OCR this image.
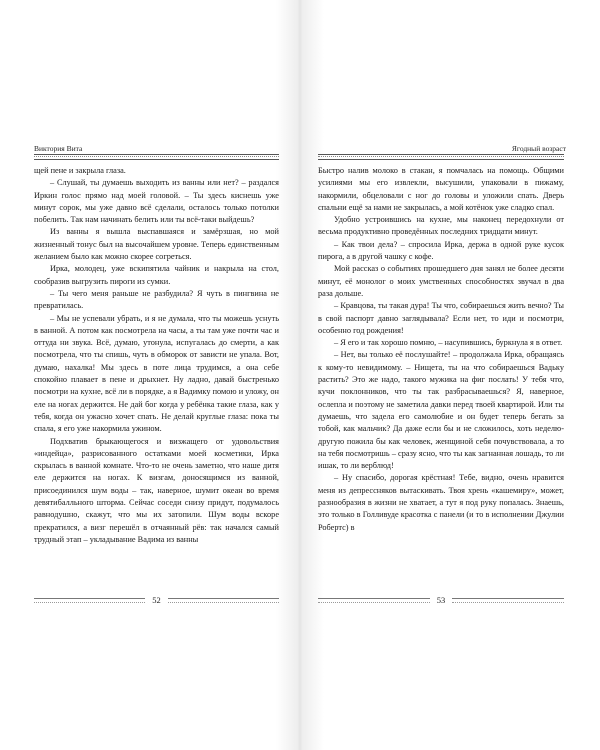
Виктория Вита

щей пене и закрыла глаза.

– Слушай, ты думаешь выходить из ванны или нет? – раздался Иркин голос прямо над моей головой. – Ты здесь киснешь уже минут сорок, мы уже давно всё сделали, осталось только потолки побелить. Так нам начинать белить или ты всё-таки выйдешь?

Из ванны я вышла выспавшаяся и замёрзшая, но мой жизненный тонус был на высочайшем уровне. Теперь единственным желанием было как можно скорее согреться.

Ирка, молодец, уже вскипятила чайник и накрыла на стол, сообразив выгрузить пироги из сумки.

– Ты чего меня раньше не разбудила? Я чуть в пингвина не превратилась.

– Мы не успевали убрать, и я не думала, что ты можешь уснуть в ванной. А потом как посмотрела на часы, а ты там уже почти час и оттуда ни звука. Всё, думаю, утонула, испугалась до смерти, а как посмотрела, что ты спишь, чуть в обморок от зависти не упала. Вот, думаю, нахалка! Мы здесь в поте лица трудимся, а она себе спокойно плавает в пене и дрыхнет. Ну ладно, давай быстренько посмотри на кухне, всё ли в порядке, а я Вадимку помою и уложу, он еле на ногах держится. Не дай бог когда у ребёнка такие глаза, как у тебя, когда он ужасно хочет спать. Не делай круглые глаза: пока ты спала, я его уже накормила ужином.

Подхватив брыкающегося и визжащего от удовольствия «индейца», разрисованного остатками моей косметики, Ирка скрылась в ванной комнате. Что-то не очень заметно, что наше дитя еле держится на ногах. К визгам, доносящимся из ванной, присоединился шум воды – так, наверное, шумит океан во время девятибалльного шторма. Сейчас соседи снизу придут, подумалось равнодушно, скажут, что мы их затопили. Шум воды вскоре прекратился, а визг перешёл в отчаянный рёв: так начался самый трудный этап – укладывание Вадима из ванны

52
Ягодный возраст

Быстро налив молоко в стакан, я помчалась на помощь. Общими усилиями мы его извлекли, высушили, упаковали в пижаму, накормили, обцеловали с ног до головы и уложили спать. Дверь спальни ещё за нами не закрылась, а мой котёнок уже сладко спал.

Удобно устроившись на кухне, мы наконец передохнули от весьма продуктивно проведённых последних тридцати минут.

– Как твои дела? – спросила Ирка, держа в одной руке кусок пирога, а в другой чашку с кофе.

Мой рассказ о событиях прошедшего дня занял не более десяти минут, её монолог о моих умственных способностях звучал в два раза дольше.

– Кравцова, ты такая дура! Ты что, собираешься жить вечно? Ты в свой паспорт давно заглядывала? Если нет, то иди и посмотри, особенно год рождения!

– Я его и так хорошо помню, – насупившись, буркнула я в ответ.

– Нет, вы только её послушайте! – продолжала Ирка, обращаясь к кому-то невидимому. – Нищета, ты на что собираешься Вадьку растить? Это же надо, такого мужика на фиг послать! У тебя что, кучи поклонников, что ты так разбрасываешься? Я, наверное, ослепла и поэтому не заметила давки перед твоей квартирой. Или ты думаешь, что задела его самолюбие и он будет теперь бегать за тобой, как мальчик? Да даже если бы и не сложилось, хоть неделю-другую пожила бы как человек, женщиной себя почувствовала, а то на тебя посмотришь – сразу ясно, что ты как загнанная лошадь, то ли ишак, то ли верблюд!

– Ну спасибо, дорогая крёстная! Тебе, видно, очень нравится меня из депрессняков вытаскивать. Твоя хрень «кашемиру», может, разнообразия в жизни не хватает, а тут я под руку попалась. Знаешь, это только в Голливуде красотка с панели (и то в исполнении Джулии Робертс) в

53
